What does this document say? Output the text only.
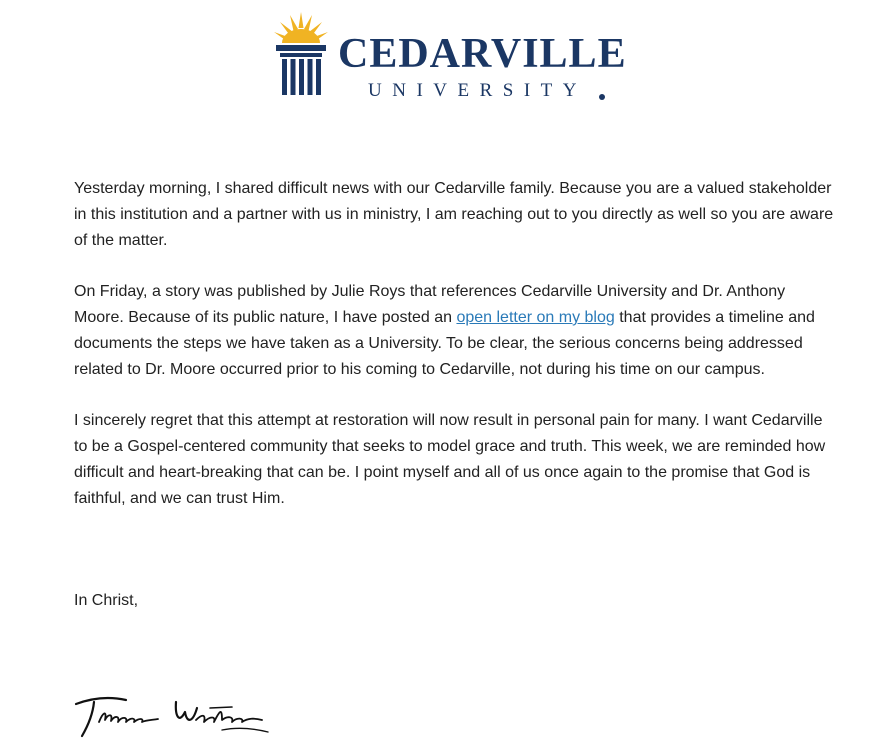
CEDARVILLE
UNIVERSITY

Yesterday morning, I shared difficult news with our Cedarville family. Because you are a valued stakeholder in this institution and a partner with us in ministry, I am reaching out to you directly as well so you are aware of the matter.

On Friday, a story was published by Julie Roys that references Cedarville University and Dr. Anthony Moore. Because of its public nature, I have posted an open letter on my blog that provides a timeline and documents the steps we have taken as a University. To be clear, the serious concerns being addressed related to Dr. Moore occurred prior to his coming to Cedarville, not during his time on our campus.

I sincerely regret that this attempt at restoration will now result in personal pain for many. I want Cedarville to be a Gospel-centered community that seeks to model grace and truth. This week, we are reminded how difficult and heart-breaking that can be. I point myself and all of us once again to the promise that God is faithful, and we can trust Him.

In Christ,
